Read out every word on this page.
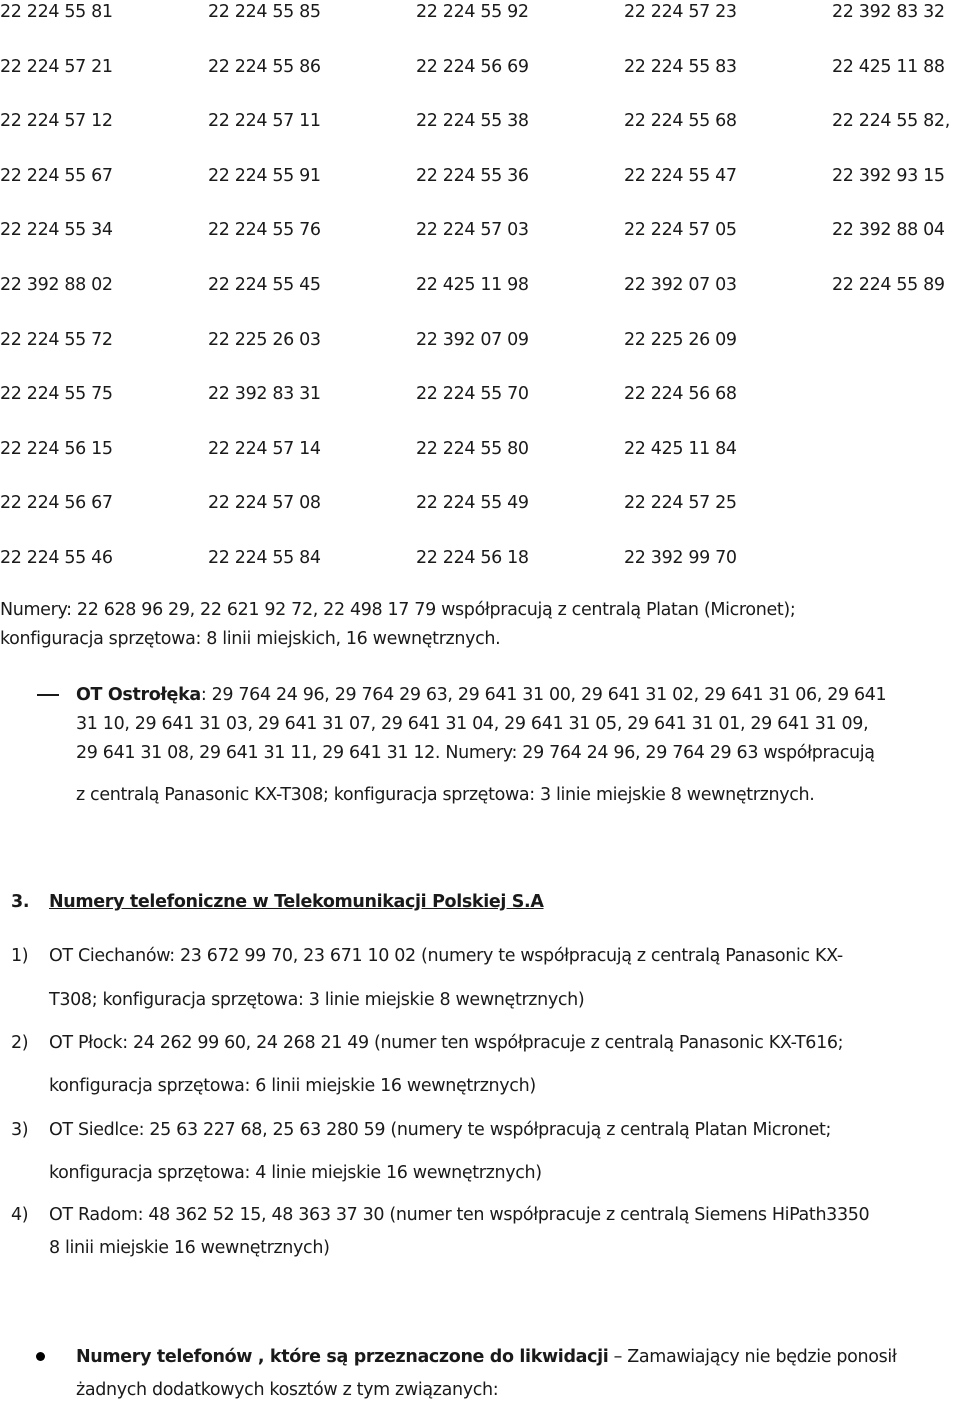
22 224 55 81	22 224 55 85	22 224 55 92	22 224 57 23	22 392 83 32
22 224 57 21	22 224 55 86	22 224 56 69	22 224 55 83	22 425 11 88
22 224 57 12	22 224 57 11	22 224 55 38	22 224 55 68	22 224 55 82,
22 224 55 67	22 224 55 91	22 224 55 36	22 224 55 47	22 392 93 15
22 224 55 34	22 224 55 76	22 224 57 03	22 224 57 05	22 392 88 04
22 392 88 02	22 224 55 45	22 425 11 98	22 392 07 03	22 224 55 89
22 224 55 72	22 225 26 03	22 392 07 09	22 225 26 09
22 224 55 75	22 392 83 31	22 224 55 70	22 224 56 68
22 224 56 15	22 224 57 14	22 224 55 80	22 425 11 84
22 224 56 67	22 224 57 08	22 224 55 49	22 224 57 25
22 224 55 46	22 224 55 84	22 224 56 18	22 392 99 70
Numery: 22 628 96 29, 22 621 92 72, 22 498 17 79 współpracują z centralą Platan (Micronet);
konfiguracja sprzętowa: 8 linii miejskich, 16 wewnętrznych.
OT Ostrołęka: 29 764 24 96, 29 764 29 63, 29 641 31 00, 29 641 31 02, 29 641 31 06, 29 641
31 10, 29 641 31 03, 29 641 31 07, 29 641 31 04, 29 641 31 05, 29 641 31 01, 29 641 31 09,
29 641 31 08, 29 641 31 11, 29 641 31 12. Numery: 29 764 24 96, 29 764 29 63 współpracują
z centralą Panasonic KX-T308; konfiguracja sprzętowa: 3 linie miejskie 8 wewnętrznych.
3. Numery telefoniczne w Telekomunikacji Polskiej S.A
1) OT Ciechanów: 23 672 99 70, 23 671 10 02 (numery te współpracują z centralą Panasonic KX-
T308; konfiguracja sprzętowa: 3 linie miejskie 8 wewnętrznych)
2) OT Płock: 24 262 99 60, 24 268 21 49 (numer ten współpracuje z centralą Panasonic KX-T616;
konfiguracja sprzętowa: 6 linii miejskie 16 wewnętrznych)
3) OT Siedlce: 25 63 227 68, 25 63 280 59 (numery te współpracują z centralą Platan Micronet;
konfiguracja sprzętowa: 4 linie miejskie 16 wewnętrznych)
4) OT Radom: 48 362 52 15, 48 363 37 30 (numer ten współpracuje z centralą Siemens HiPath3350
8 linii miejskie 16 wewnętrznych)
Numery telefonów , które są przeznaczone do likwidacji – Zamawiający nie będzie ponosił
żadnych dodatkowych kosztów z tym związanych:
